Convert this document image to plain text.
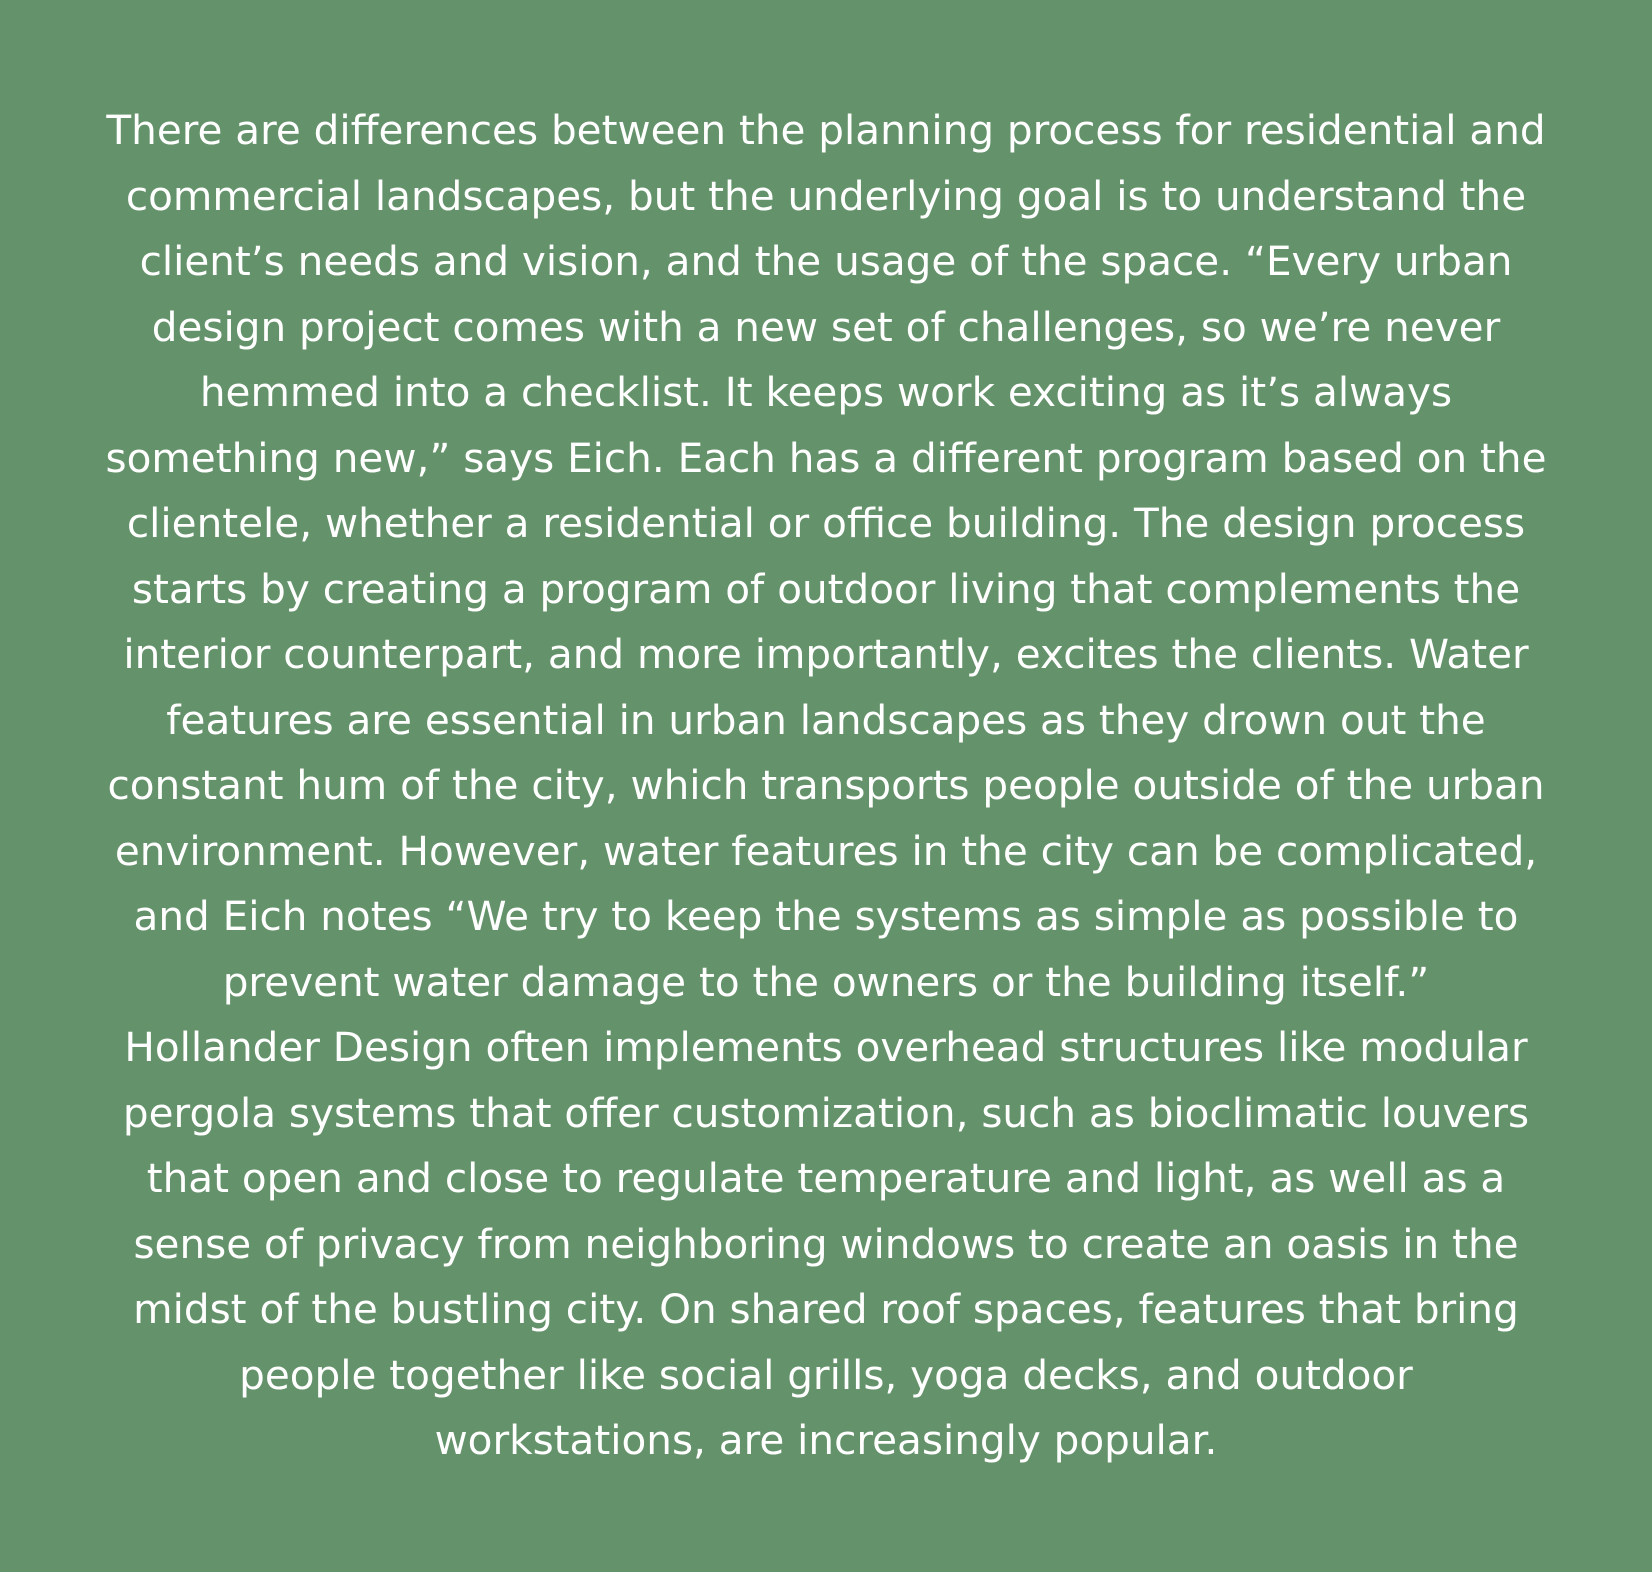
There are differences between the planning process for residential and
commercial landscapes, but the underlying goal is to understand the
client’s needs and vision, and the usage of the space. “Every urban
design project comes with a new set of challenges, so we’re never
hemmed into a checklist. It keeps work exciting as it’s always
something new,” says Eich. Each has a different program based on the
clientele, whether a residential or office building. The design process
starts by creating a program of outdoor living that complements the
interior counterpart, and more importantly, excites the clients. Water
features are essential in urban landscapes as they drown out the
constant hum of the city, which transports people outside of the urban
environment. However, water features in the city can be complicated,
and Eich notes “We try to keep the systems as simple as possible to
prevent water damage to the owners or the building itself.”
Hollander Design often implements overhead structures like modular
pergola systems that offer customization, such as bioclimatic louvers
that open and close to regulate temperature and light, as well as a
sense of privacy from neighboring windows to create an oasis in the
midst of the bustling city. On shared roof spaces, features that bring
people together like social grills, yoga decks, and outdoor
workstations, are increasingly popular.
